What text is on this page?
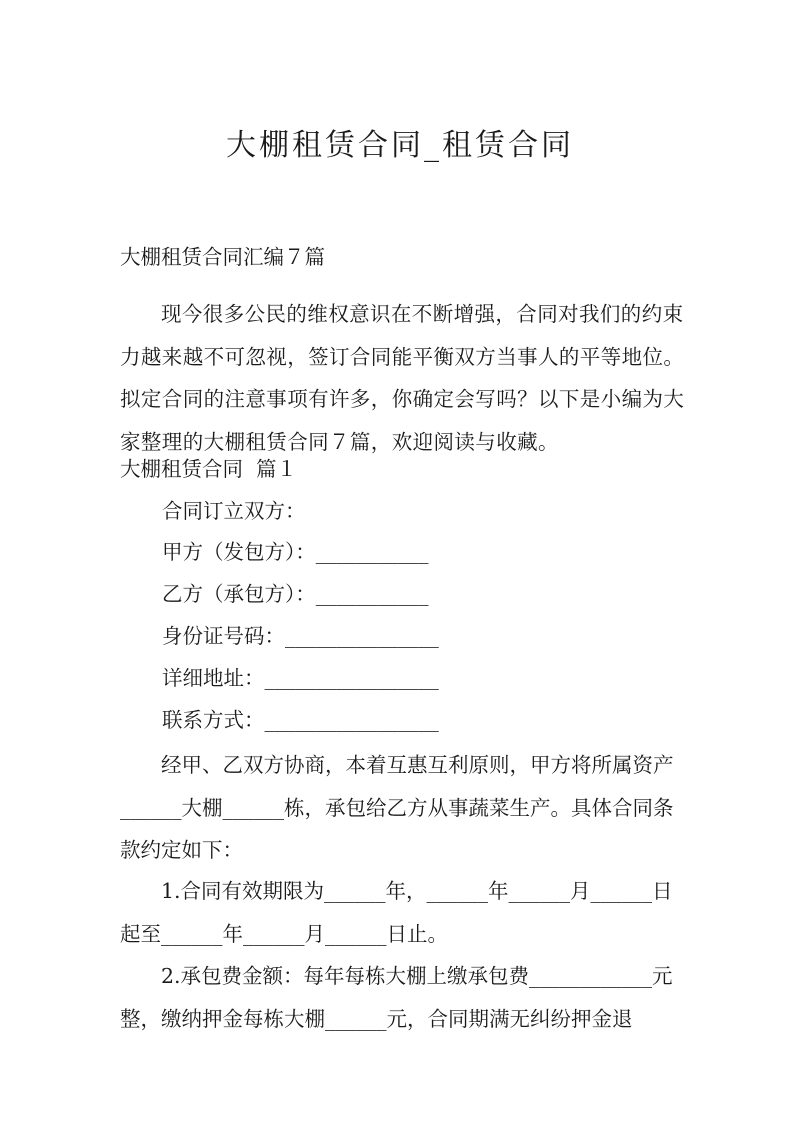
大棚租赁合同_租赁合同
大棚租赁合同汇编７篇
现今很多公民的维权意识在不断增强，合同对我们的约束力越来越不可忽视，签订合同能平衡双方当事人的平等地位。拟定合同的注意事项有许多，你确定会写吗？以下是小编为大家整理的大棚租赁合同７篇，欢迎阅读与收藏。
大棚租赁合同  篇１
合同订立双方：
甲方（发包方）：___________
乙方（承包方）：___________
身份证号码：_______________
详细地址：_________________
联系方式：_________________
经甲、乙双方协商，本着互惠互利原则，甲方将所属资产______大棚______栋，承包给乙方从事蔬菜生产。具体合同条款约定如下：
1.合同有效期限为______年，______年______月______日起至______年______月______日止。
2.承包费金额：每年每栋大棚上缴承包费____________元整，缴纳押金每栋大棚______元，合同期满无纠纷押金退
